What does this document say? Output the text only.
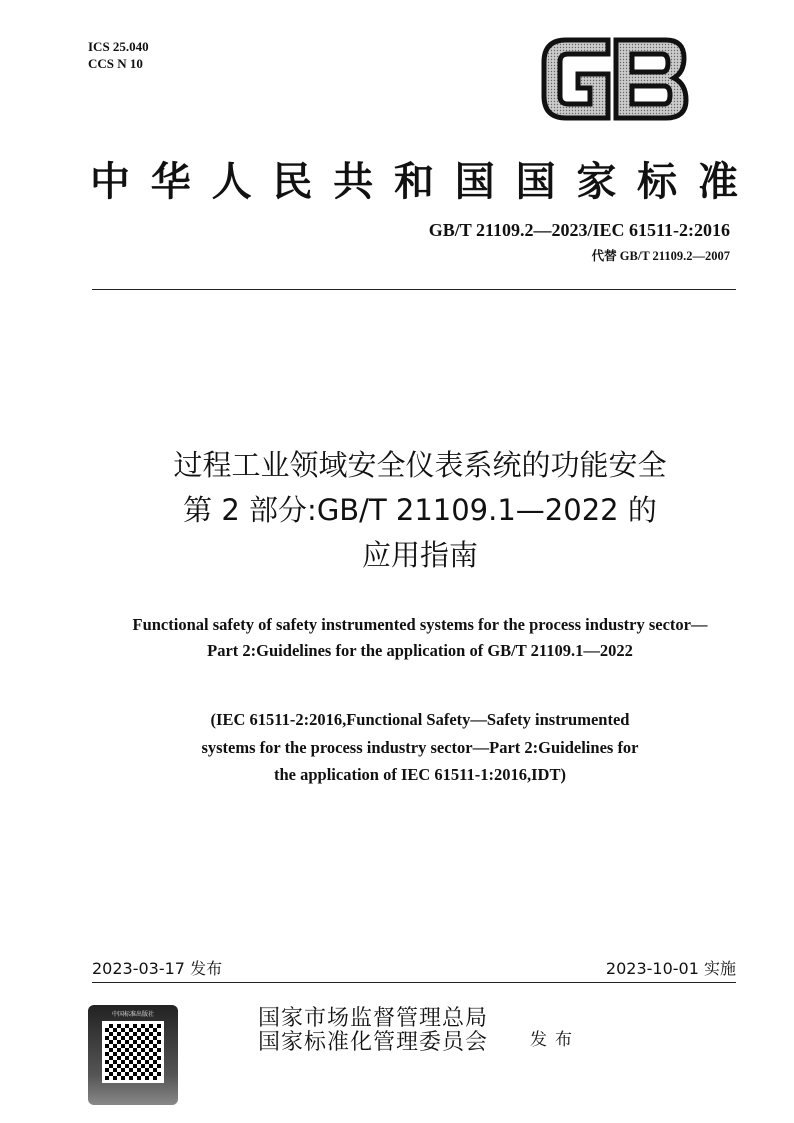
ICS 25.040
CCS N 10
中 华 人 民 共 和 国 国 家 标 准
GB/T 21109.2—2023/IEC 61511-2:2016
代替 GB/T 21109.2—2007
过程工业领域安全仪表系统的功能安全
第 2 部分:GB/T 21109.1—2022 的
应用指南
Functional safety of safety instrumented systems for the process industry sector—
Part 2:Guidelines for the application of GB/T 21109.1—2022
(IEC 61511-2:2016,Functional Safety—Safety instrumented
systems for the process industry sector—Part 2:Guidelines for
the application of IEC 61511-1:2016,IDT)
2023-03-17 发布	2023-10-01 实施
中国标准出版社	国家市场监督管理总局
国家标准化管理委员会 发布
